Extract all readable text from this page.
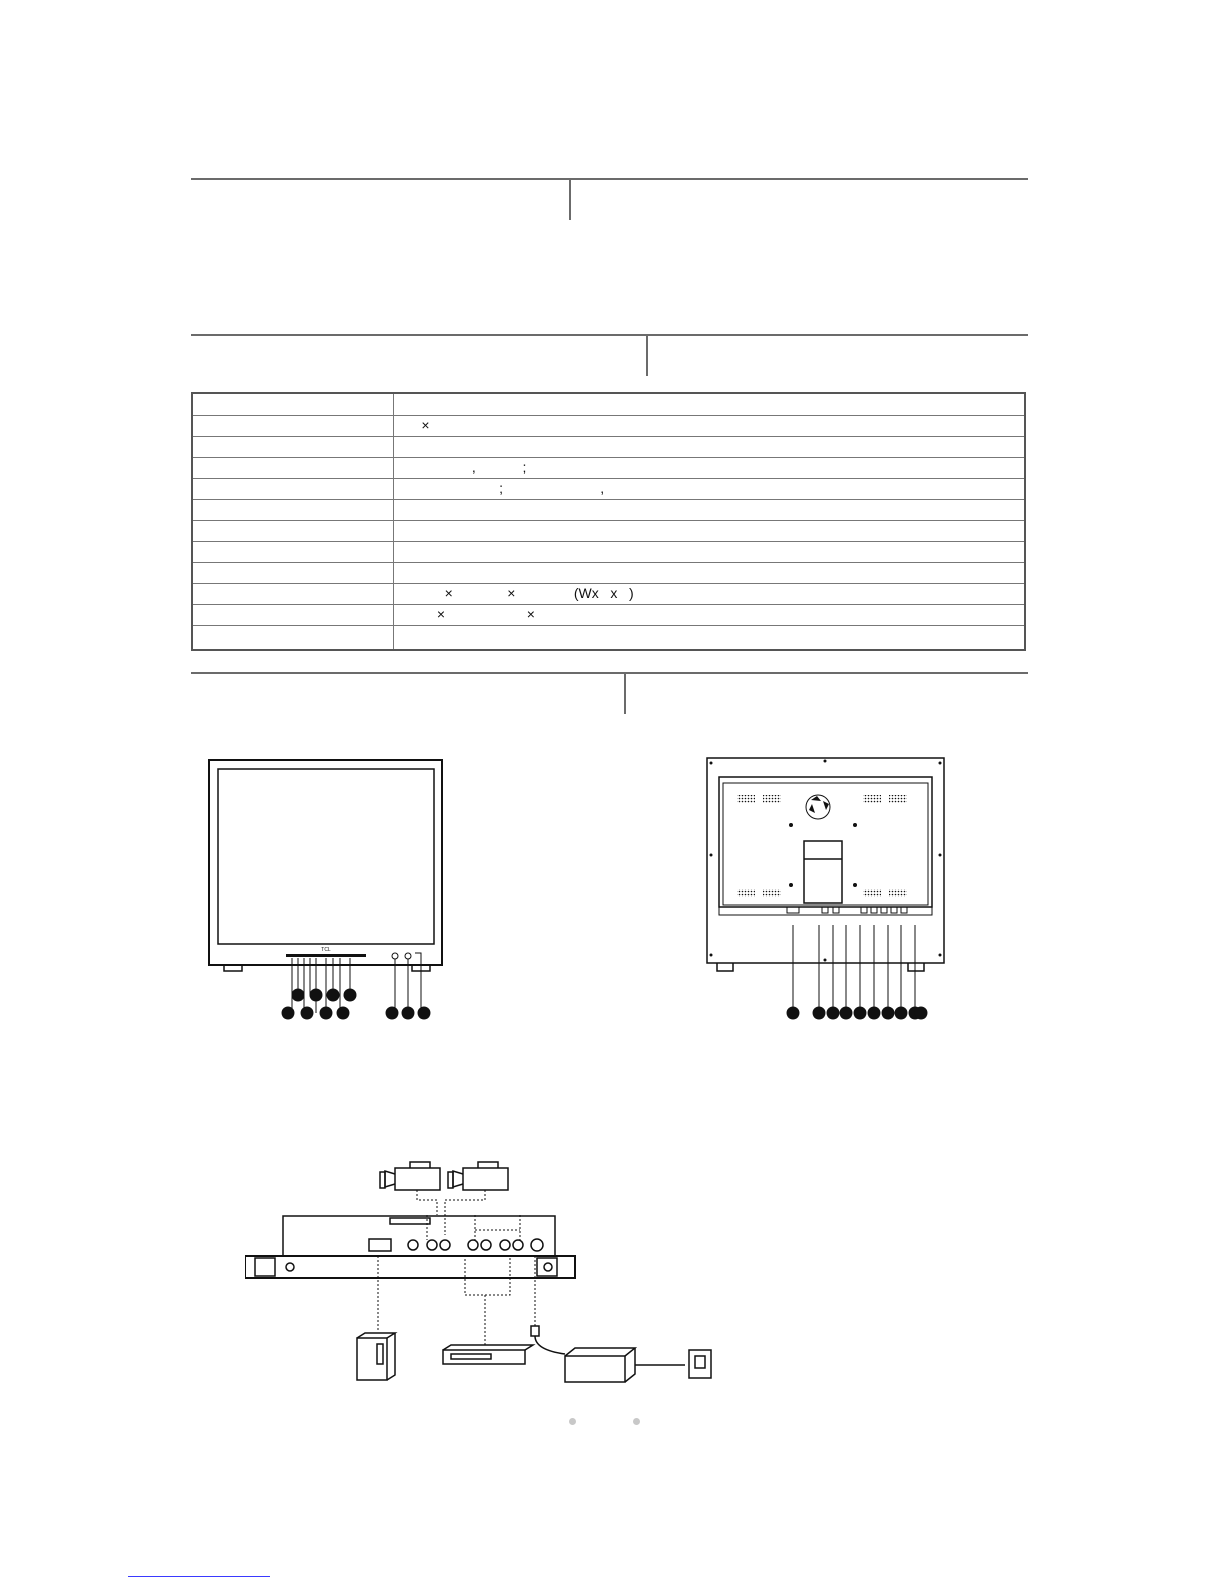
×
,            ;
;                         ,
×              ×               (Wx   x   )
×                     ×
TCL
